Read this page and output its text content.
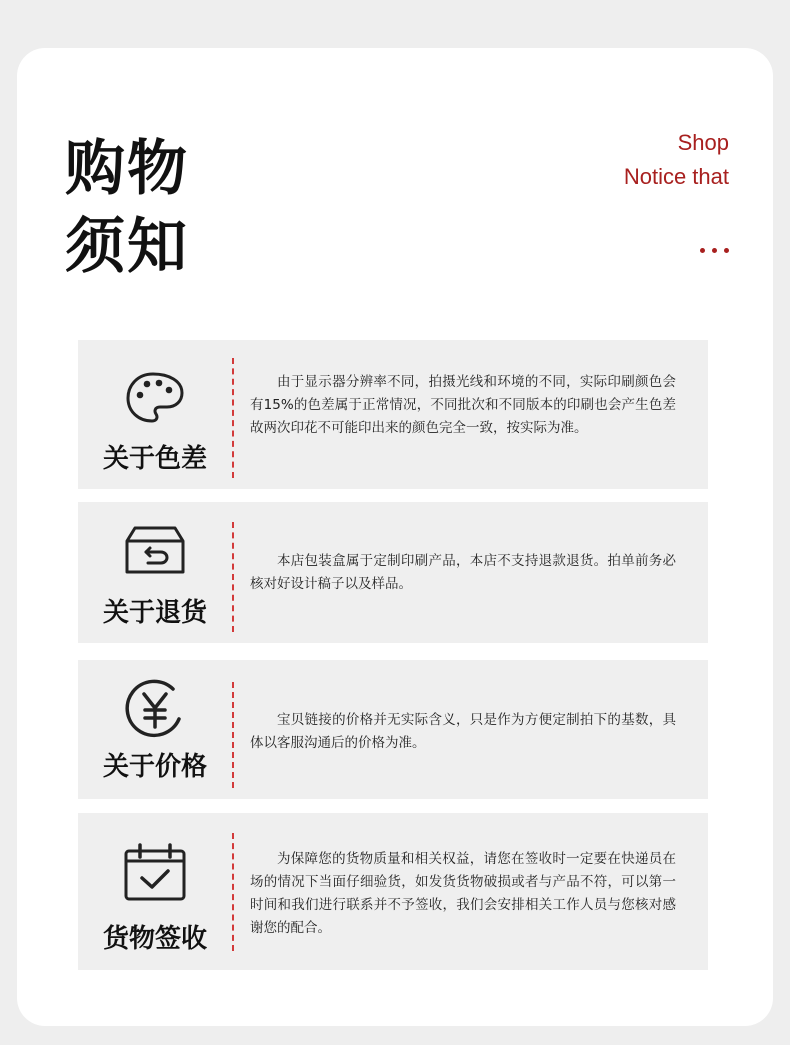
购物
须知
Shop
Notice that
关于色差
由于显示器分辨率不同，拍摄光线和环境的不同，实际印刷颜色会有15%的色差属于正常情况，不同批次和不同版本的印刷也会产生色差故两次印花不可能印出来的颜色完全一致，按实际为准。
关于退货
本店包装盒属于定制印刷产品，本店不支持退款退货。拍单前务必核对好设计稿子以及样品。
关于价格
宝贝链接的价格并无实际含义，只是作为方便定制拍下的基数，具体以客服沟通后的价格为准。
货物签收
为保障您的货物质量和相关权益，请您在签收时一定要在快递员在场的情况下当面仔细验货，如发货货物破损或者与产品不符，可以第一时间和我们进行联系并不予签收，我们会安排相关工作人员与您核对感谢您的配合。
